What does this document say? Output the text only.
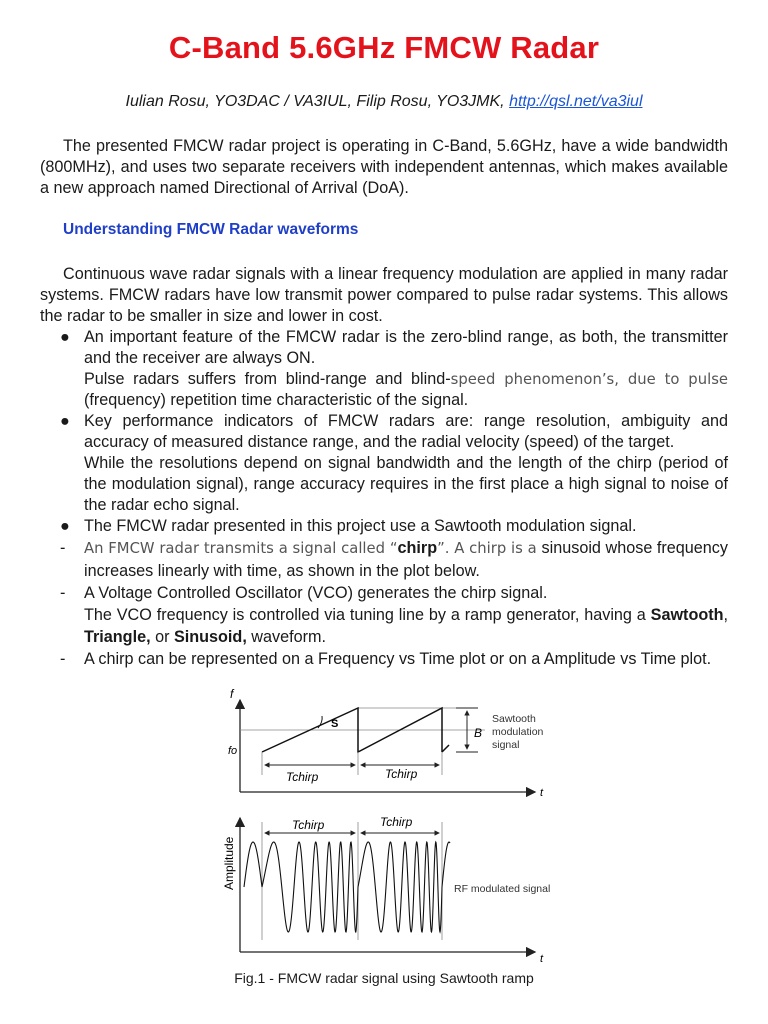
C-Band 5.6GHz FMCW Radar
Iulian Rosu, YO3DAC / VA3IUL, Filip Rosu, YO3JMK, http://qsl.net/va3iul
The presented FMCW radar project is operating in C-Band, 5.6GHz, have a wide bandwidth (800MHz), and uses two separate receivers with independent antennas, which makes available a new approach named Directional of Arrival (DoA).
Understanding FMCW Radar waveforms
Continuous wave radar signals with a linear frequency modulation are applied in many radar systems. FMCW radars have low transmit power compared to pulse radar systems. This allows the radar to be smaller in size and lower in cost.
● An important feature of the FMCW radar is the zero-blind range, as both, the transmitter and the receiver are always ON.
Pulse radars suffers from blind-range and blind-speed phenomenon’s, due to pulse (frequency) repetition time characteristic of the signal.
● Key performance indicators of FMCW radars are: range resolution, ambiguity and accuracy of measured distance range, and the radial velocity (speed) of the target.
While the resolutions depend on signal bandwidth and the length of the chirp (period of the modulation signal), range accuracy requires in the first place a high signal to noise of the radar echo signal.
● The FMCW radar presented in this project use a Sawtooth modulation signal.
-	An FMCW radar transmits a signal called “chirp”. A chirp is a sinusoid whose frequency increases linearly with time, as shown in the plot below.
-	A Voltage Controlled Oscillator (VCO) generates the chirp signal.
The VCO frequency is controlled via tuning line by a ramp generator, having a Sawtooth, Triangle, or Sinusoid, waveform.
-	A chirp can be represented on a Frequency vs Time plot or on a Amplitude vs Time plot.
f
t
fo
S
Tchirp	Tchirp
B
Sawtooth
modulation
signal
Amplitude
t
Tchirp	Tchirp
RF modulated signal
Fig.1 - FMCW radar signal using Sawtooth ramp
